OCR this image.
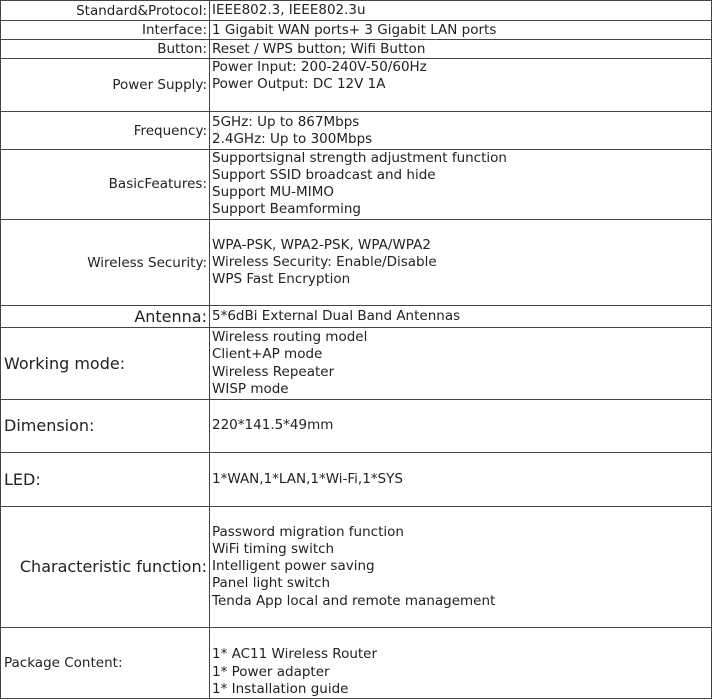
Standard&Protocol:	IEEE802.3, IEEE802.3u

Interface:	1 Gigabit WAN ports+ 3 Gigabit LAN ports

Button:	Reset / WPS button; Wifi Button

Power Supply:	Power Input: 200-240V-50/60Hz
Power Output: DC 12V 1A

Frequency:	5GHz: Up to 867Mbps
2.4GHz: Up to 300Mbps

BasicFeatures:	Supportsignal strength adjustment function
Support SSID broadcast and hide
Support MU-MIMO
Support Beamforming

Wireless Security:	WPA-PSK, WPA2-PSK, WPA/WPA2
Wireless Security: Enable/Disable
WPS Fast Encryption

Antenna:	5*6dBi External Dual Band Antennas

Working mode:	Wireless routing model
Client+AP mode
Wireless Repeater
WISP mode

Dimension:	220*141.5*49mm

LED:	1*WAN,1*LAN,1*Wi-Fi,1*SYS

Characteristic function:	Password migration function
WiFi timing switch
Intelligent power saving
Panel light switch
Tenda App local and remote management

Package Content:	1* AC11 Wireless Router
1* Power adapter
1* Installation guide
